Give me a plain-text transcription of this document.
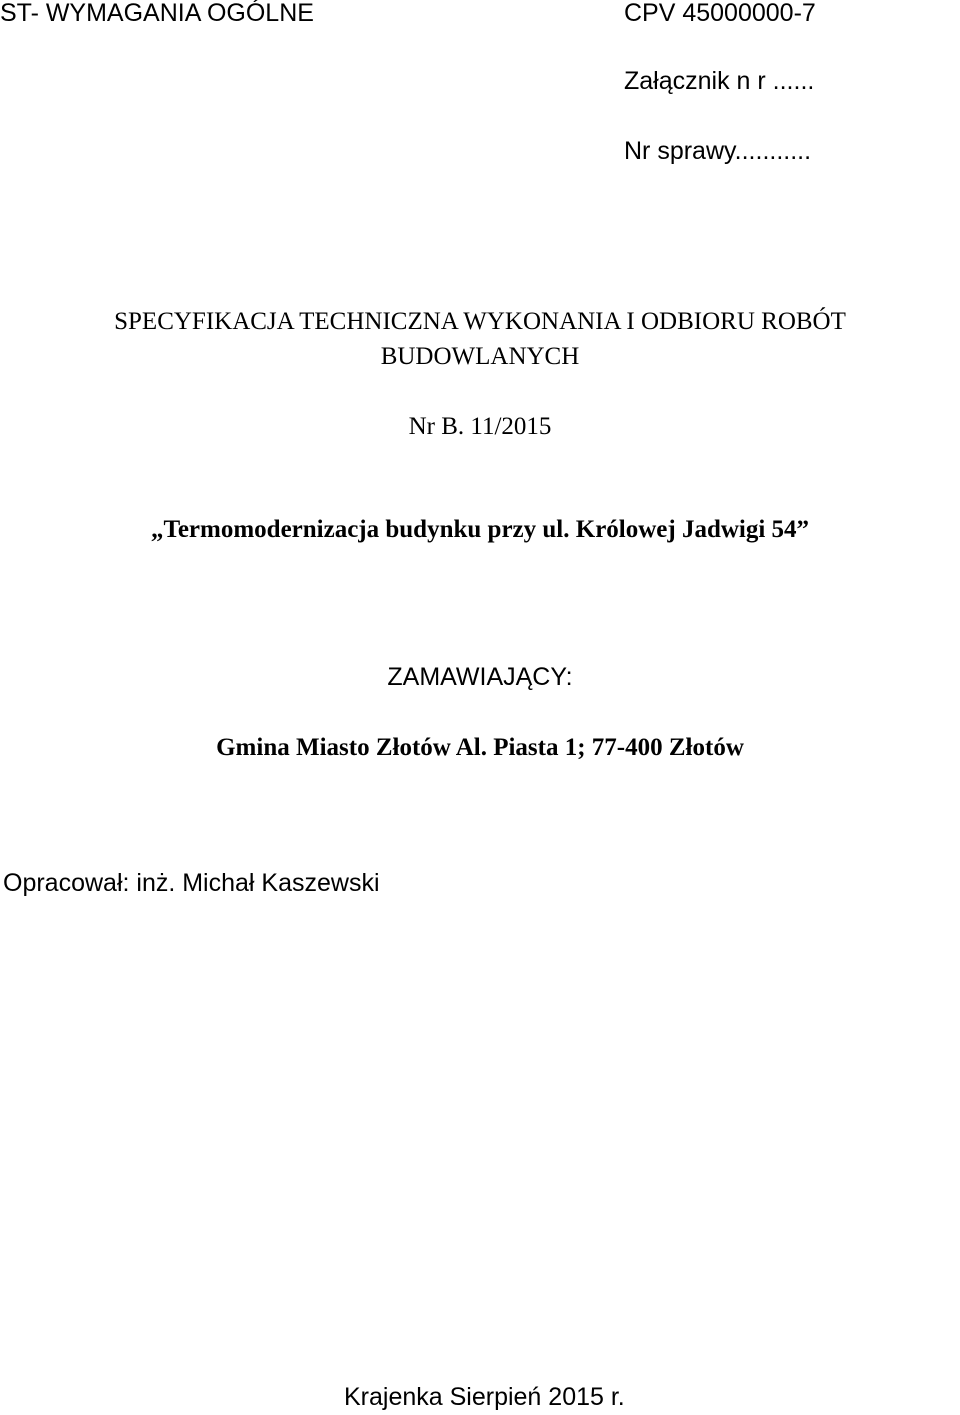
ST- WYMAGANIA OGÓLNE	CPV 45000000-7
Załącznik n r ......
Nr sprawy...........
SPECYFIKACJA TECHNICZNA WYKONANIA I ODBIORU ROBÓT
BUDOWLANYCH
Nr B. 11/2015
„Termomodernizacja budynku przy ul. Królowej Jadwigi 54”
ZAMAWIAJĄCY:
Gmina Miasto Złotów Al. Piasta 1; 77-400 Złotów
Opracował: inż. Michał Kaszewski
Krajenka Sierpień 2015 r.
